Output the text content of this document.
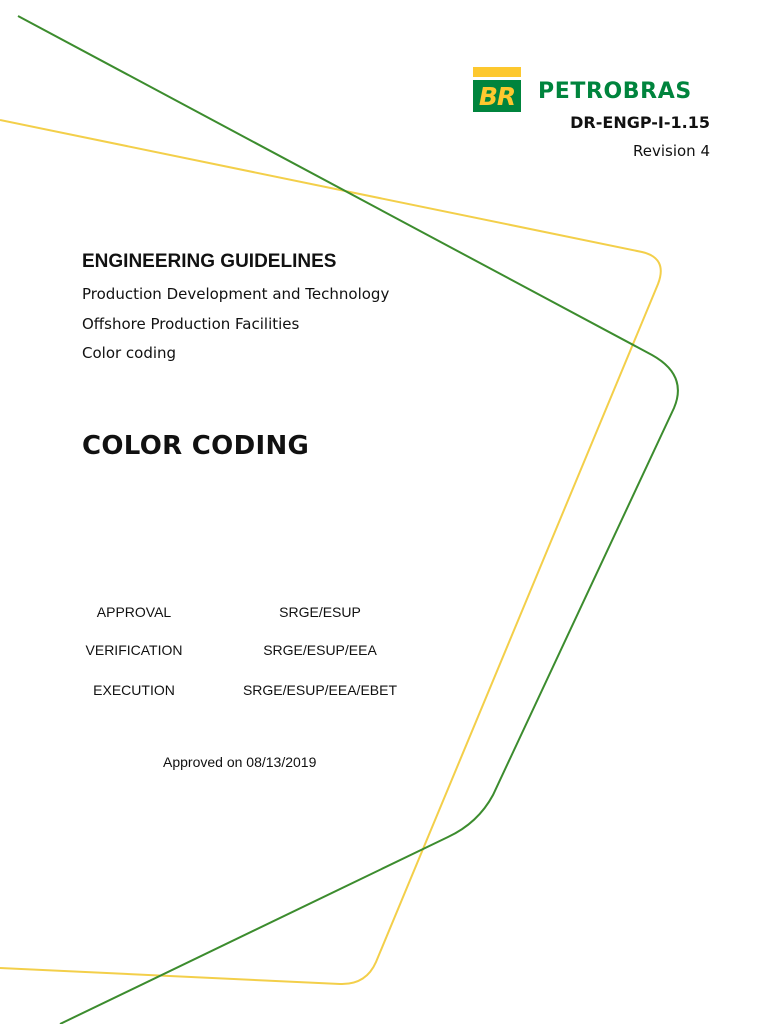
BR PETROBRAS
DR-ENGP-I-1.15
Revision 4
ENGINEERING GUIDELINES
Production Development and Technology
Offshore Production Facilities
Color coding
COLOR CODING
APPROVAL	SRGE/ESUP
VERIFICATION	SRGE/ESUP/EEA
EXECUTION	SRGE/ESUP/EEA/EBET
Approved on 08/13/2019
